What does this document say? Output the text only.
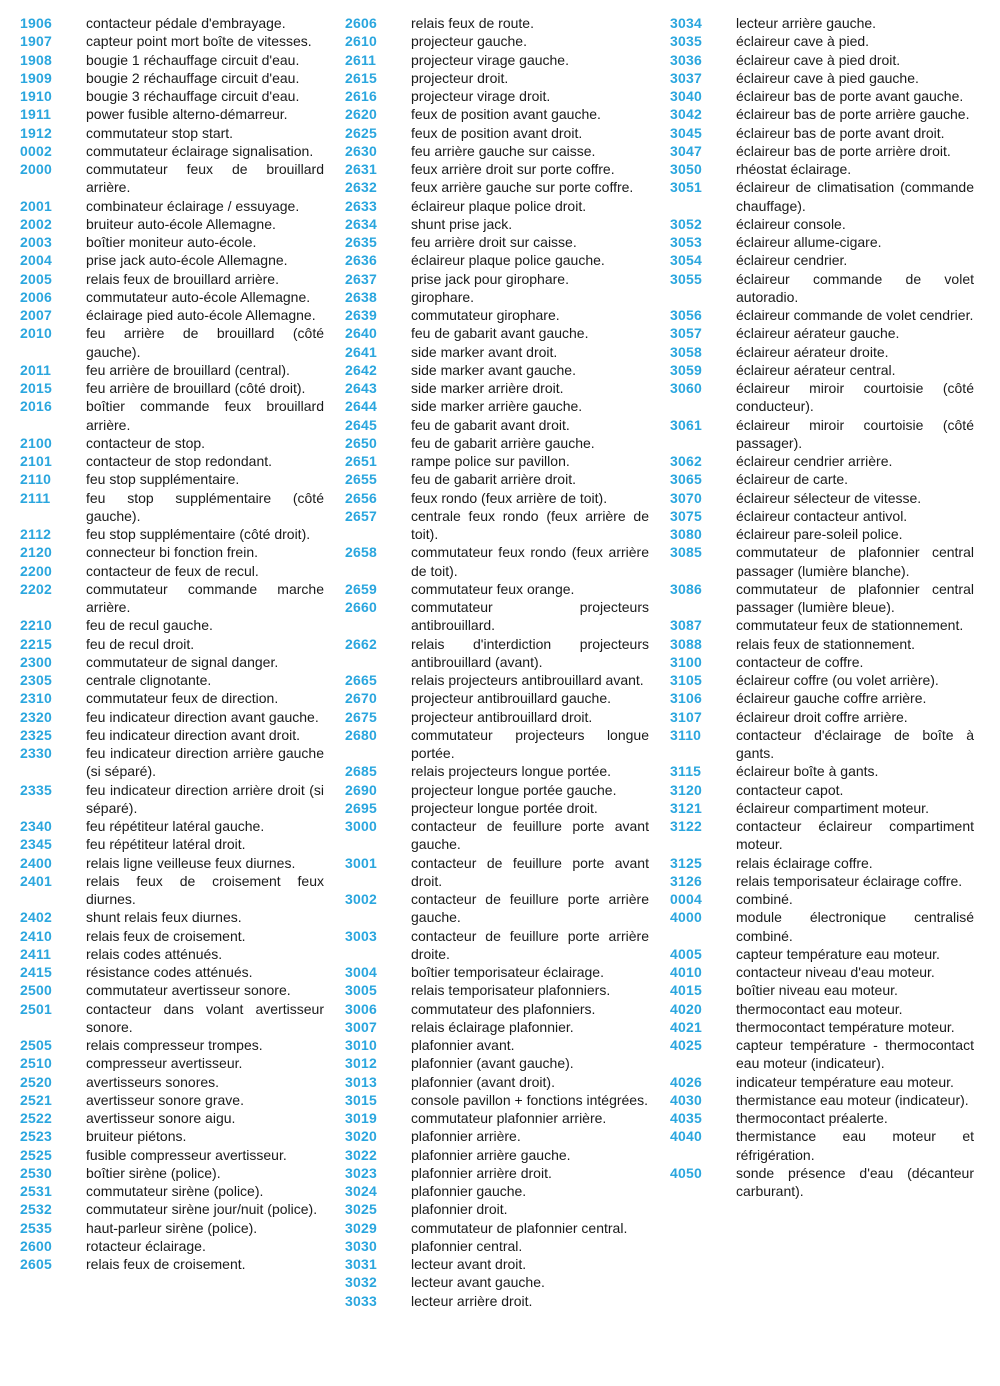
1906	contacteur pédale d'embrayage.
1907	capteur point mort boîte de vitesses.
1908	bougie 1 réchauffage circuit d'eau.
1909	bougie 2 réchauffage circuit d'eau.
1910	bougie 3 réchauffage circuit d'eau.
1911	power fusible alterno-démarreur.
1912	commutateur stop start.
0002	commutateur éclairage signalisation.
2000	commutateur feux de brouillard arrière.
2001	combinateur éclairage / essuyage.
2002	bruiteur auto-école Allemagne.
2003	boîtier moniteur auto-école.
2004	prise jack auto-école Allemagne.
2005	relais feux de brouillard arrière.
2006	commutateur auto-école Allemagne.
2007	éclairage pied auto-école Allemagne.
2010	feu arrière de brouillard (côté gauche).
2011	feu arrière de brouillard (central).
2015	feu arrière de brouillard (côté droit).
2016	boîtier commande feux brouillard arrière.
2100	contacteur de stop.
2101	contacteur de stop redondant.
2110	feu stop supplémentaire.
2111	feu stop supplémentaire (côté gauche).
2112	feu stop supplémentaire (côté droit).
2120	connecteur bi fonction frein.
2200	contacteur de feux de recul.
2202	commutateur commande marche arrière.
2210	feu de recul gauche.
2215	feu de recul droit.
2300	commutateur de signal danger.
2305	centrale clignotante.
2310	commutateur feux de direction.
2320	feu indicateur direction avant gauche.
2325	feu indicateur direction avant droit.
2330	feu indicateur direction arrière gauche (si séparé).
2335	feu indicateur direction arrière droit (si séparé).
2340	feu répétiteur latéral gauche.
2345	feu répétiteur latéral droit.
2400	relais ligne veilleuse feux diurnes.
2401	relais feux de croisement feux diurnes.
2402	shunt relais feux diurnes.
2410	relais feux de croisement.
2411	relais codes atténués.
2415	résistance codes atténués.
2500	commutateur avertisseur sonore.
2501	contacteur dans volant avertisseur sonore.
2505	relais compresseur trompes.
2510	compresseur avertisseur.
2520	avertisseurs sonores.
2521	avertisseur sonore grave.
2522	avertisseur sonore aigu.
2523	bruiteur piétons.
2525	fusible compresseur avertisseur.
2530	boîtier sirène (police).
2531	commutateur sirène (police).
2532	commutateur sirène jour/nuit (police).
2535	haut-parleur sirène (police).
2600	rotacteur éclairage.
2605	relais feux de croisement.
2606	relais feux de route.
2610	projecteur gauche.
2611	projecteur virage gauche.
2615	projecteur droit.
2616	projecteur virage droit.
2620	feux de position avant gauche.
2625	feux de position avant droit.
2630	feu arrière gauche sur caisse.
2631	feux arrière droit sur porte coffre.
2632	feux arrière gauche sur porte coffre.
2633	éclaireur plaque police droit.
2634	shunt prise jack.
2635	feu arrière droit sur caisse.
2636	éclaireur plaque police gauche.
2637	prise jack pour girophare.
2638	girophare.
2639	commutateur girophare.
2640	feu de gabarit avant gauche.
2641	side marker avant droit.
2642	side marker avant gauche.
2643	side marker arrière droit.
2644	side marker arrière gauche.
2645	feu de gabarit avant droit.
2650	feu de gabarit arrière gauche.
2651	rampe police sur pavillon.
2655	feu de gabarit arrière droit.
2656	feux rondo (feux arrière de toit).
2657	centrale feux rondo (feux arrière de toit).
2658	commutateur feux rondo (feux arrière de toit).
2659	commutateur feux orange.
2660	commutateur projecteurs antibrouillard.
2662	relais d'interdiction projecteurs antibrouillard (avant).
2665	relais projecteurs antibrouillard avant.
2670	projecteur antibrouillard gauche.
2675	projecteur antibrouillard droit.
2680	commutateur projecteurs longue portée.
2685	relais projecteurs longue portée.
2690	projecteur longue portée gauche.
2695	projecteur longue portée droit.
3000	contacteur de feuillure porte avant gauche.
3001	contacteur de feuillure porte avant droit.
3002	contacteur de feuillure porte arrière gauche.
3003	contacteur de feuillure porte arrière droite.
3004	boîtier temporisateur éclairage.
3005	relais temporisateur plafonniers.
3006	commutateur des plafonniers.
3007	relais éclairage plafonnier.
3010	plafonnier avant.
3012	plafonnier (avant gauche).
3013	plafonnier (avant droit).
3015	console pavillon + fonctions intégrées.
3019	commutateur plafonnier arrière.
3020	plafonnier arrière.
3022	plafonnier arrière gauche.
3023	plafonnier arrière droit.
3024	plafonnier gauche.
3025	plafonnier droit.
3029	commutateur de plafonnier central.
3030	plafonnier central.
3031	lecteur avant droit.
3032	lecteur avant gauche.
3033	lecteur arrière droit.
3034	lecteur arrière gauche.
3035	éclaireur cave à pied.
3036	éclaireur cave à pied droit.
3037	éclaireur cave à pied gauche.
3040	éclaireur bas de porte avant gauche.
3042	éclaireur bas de porte arrière gauche.
3045	éclaireur bas de porte avant droit.
3047	éclaireur bas de porte arrière droit.
3050	rhéostat éclairage.
3051	éclaireur de climatisation (commande chauffage).
3052	éclaireur console.
3053	éclaireur allume-cigare.
3054	éclaireur cendrier.
3055	éclaireur commande de volet autoradio.
3056	éclaireur commande de volet cendrier.
3057	éclaireur aérateur gauche.
3058	éclaireur aérateur droite.
3059	éclaireur aérateur central.
3060	éclaireur miroir courtoisie (côté conducteur).
3061	éclaireur miroir courtoisie (côté passager).
3062	éclaireur cendrier arrière.
3065	éclaireur de carte.
3070	éclaireur sélecteur de vitesse.
3075	éclaireur contacteur antivol.
3080	éclaireur pare-soleil police.
3085	commutateur de plafonnier central passager (lumière blanche).
3086	commutateur de plafonnier central passager (lumière bleue).
3087	commutateur feux de stationnement.
3088	relais feux de stationnement.
3100	contacteur de coffre.
3105	éclaireur coffre (ou volet arrière).
3106	éclaireur gauche coffre arrière.
3107	éclaireur droit coffre arrière.
3110	contacteur d'éclairage de boîte à gants.
3115	éclaireur boîte à gants.
3120	contacteur capot.
3121	éclaireur compartiment moteur.
3122	contacteur éclaireur compartiment moteur.
3125	relais éclairage coffre.
3126	relais temporisateur éclairage coffre.
0004	combiné.
4000	module électronique centralisé combiné.
4005	capteur température eau moteur.
4010	contacteur niveau d'eau moteur.
4015	boîtier niveau eau moteur.
4020	thermocontact eau moteur.
4021	thermocontact température moteur.
4025	capteur température - thermocontact eau moteur (indicateur).
4026	indicateur température eau moteur.
4030	thermistance eau moteur (indicateur).
4035	thermocontact préalerte.
4040	thermistance eau moteur et réfrigération.
4050	sonde présence d'eau (décanteur carburant).
